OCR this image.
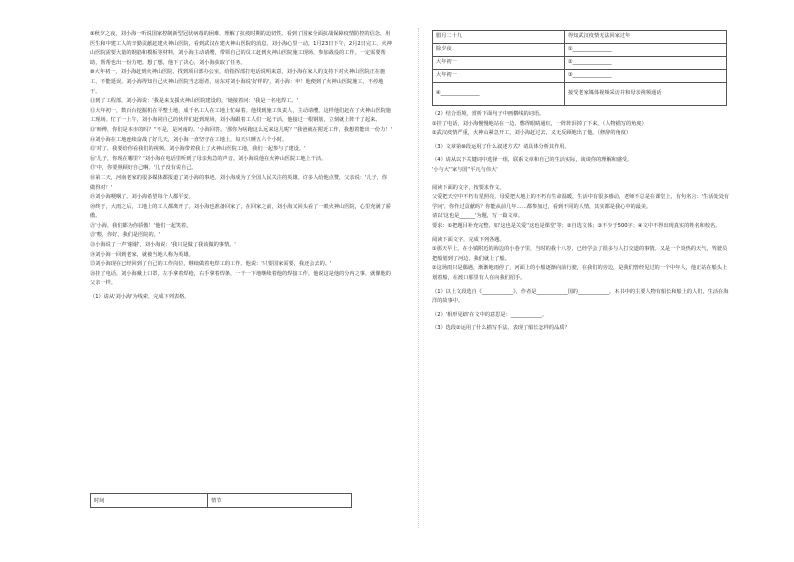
⑨秋夕之夜，刘小海一听说国家控制新型冠状病毒的困难，理解了抗疫时期的迫切性。看到了国家全面抗战保障疫情防控的信念，用医生和中建工人的辛勤贡献赶建火神山医院，看到武汉在建火神山医院的消息，刘小海心里一动。1月23日下午，2月2日完工，火神山医院需要大量的钢筋和模板等材料，刘小海主动请缨，带领自己的员工赶到火神山医院施工现场，参加战役的工作。一定需要帮助，帮帮也出一份力吧。想了想，他下了决心，刘小海获取了任务。

⑩大年初一，刘小海赶到火神山医院，找到项目部办公室，给指挥部打电话说明来意，刘小海在家人的支持下对火神山医院正在施工，不能延误。刘小海得知自己火神山医院当志愿者，房东对刘小海说'好样的'，刘小海：申！他便到了火神山医院施工，不停地干。

⑪到了工程部，刘小海说：'我是来支援火神山医院建设的。'她接着问：'我是一名电焊工。'

⑫大年初一，数百台挖掘机在平整土地，成千名工人在工地上忙碌着。他找到施工负责人，主动请缨，这样他们赶在了火神山医院施工现场。忙了一上午，刘小海同自己的伙伴们赶到现场，刘小海跟着工人们一起干活，他接过一根钢筋，立刻就上阵干了起来。

⑬'师傅，你们是本市的吗？''不是，是河南的。'小海回答。'那你为啥跑这么远来这儿呢？''我爸就在附近工作，我想着能出一份力！'

⑭刘小海在工地连续奋战了好几天，刘小海一直坚守在工地上，每天只睡五六个小时。

⑮'对了，我要给你看我们的视频，刘小海带着我上了火神山医院工地，我们一起参与了建设。'

⑯'儿子，你现在哪里？'刘小海在电话里听到了母亲焦急的声音。刘小海说他在火神山医院工地上干活。

⑰'中，你要照顾好自己啊。'儿子没有说自己。

⑱第二天，河南老家的很多媒体都报道了刘小海的事迹。刘小海成为了全国人民关注的英雄。许多人给他点赞，父亲说：'儿子，你做得对！'

⑲刘小海哽咽了。刘小海希望每个人都平安。

⑳终于，大雨之后，工地上的工人都离开了。刘小海也准备回家了，在回家之前，刘小海又回头看了一眼火神山医院，心里充满了骄傲。

㉑'小海，我们都为你骄傲！'他们一起笑着。

㉒'喂，你好，我们是医院的。'

㉓小海说了一声'谢谢'，刘小海说：'我只是做了我该做的事情。'

㉔刘小海一回到老家，就被当地人称为英雄。

㉕刘小海现在已经回到了自己的工作岗位，继续做着电焊工的工作。他说：'只要国家需要，我还会去的。'

㉖挂了电话，刘小海戴上口罩，左手拿着焊枪，右手拿着焊条，一干一下地继续着他的焊接工作。他说这是他的分内之事，就像他的父亲一样。

（1）请从'刘小海'为线索，完成下列表格。

时间	情节
腊月二十九	得知武汉疫情无法回家过年
除夕夜	①_______________
大年初一	②_______________
大年初一	③_______________
④_______________	接受老家媒体视频采访并和母亲视频通话

（2）结合语境，赏析下面句子中画横线的词语。

①挂了电话，刘小海慢慢地站在一边，憋得眼睛通红，一阵阵泪掉了下来。（人物描写的角度）

②武汉疫情严重，火神山紧急开工，刘小海赶过去，义无反顾地出了他。（修辞的角度）

（3）文章第⑩段运用了什么叙述方式？请具体分析其作用。

（4）请从以下关键词中选择一组，联系文章和自己的生活实际，谈谈你的理解和感受。

'小与大''家与国''平凡与伟大'

阅读下面的文字，按要求作文。

父爱把天空中不朽有星照亮，母爱把大地上的不朽有生命温暖，生活中有很多感动，老师不总是在课堂上，有句名言：'生活处处有学问'。你作过贡献吗？你能从前几年……都参加过，看到不同的人情，其实都是我心中的最美。

请以'这也是______'为题，写一篇文章。

要求：①把题目补充完整，如'这也是关爱''这也是课堂'等；②自选文体；③不少于500字；④文中不得出现真实的姓名和校名。

阅读下面文字，完成下列各题。

①那天早上，在小镇附近的海边的小巷子里，当时的我十八岁，已经学会了很多与人打交道的事情。又是一个炎热的天气，驾驶员把船划到了河边，我们就上了船。

②这场雨只是偶遇，渐渐地雨停了，河面上的小船逐渐向前行驶，在我们的旁边，是我们曾经见过的一个中年人，他正站在船头上划着船，在渡口那里有人在向我们招手。

（1）以上文段选自《____________》，作者是____________国的____________。本书中的主要人物有船长和船上的人们，生活在海洋的故事中。

（2）'相形见绌'在文中的意思是：____________。

（3）选段②运用了什么描写手法，表现了船长怎样的品质？
